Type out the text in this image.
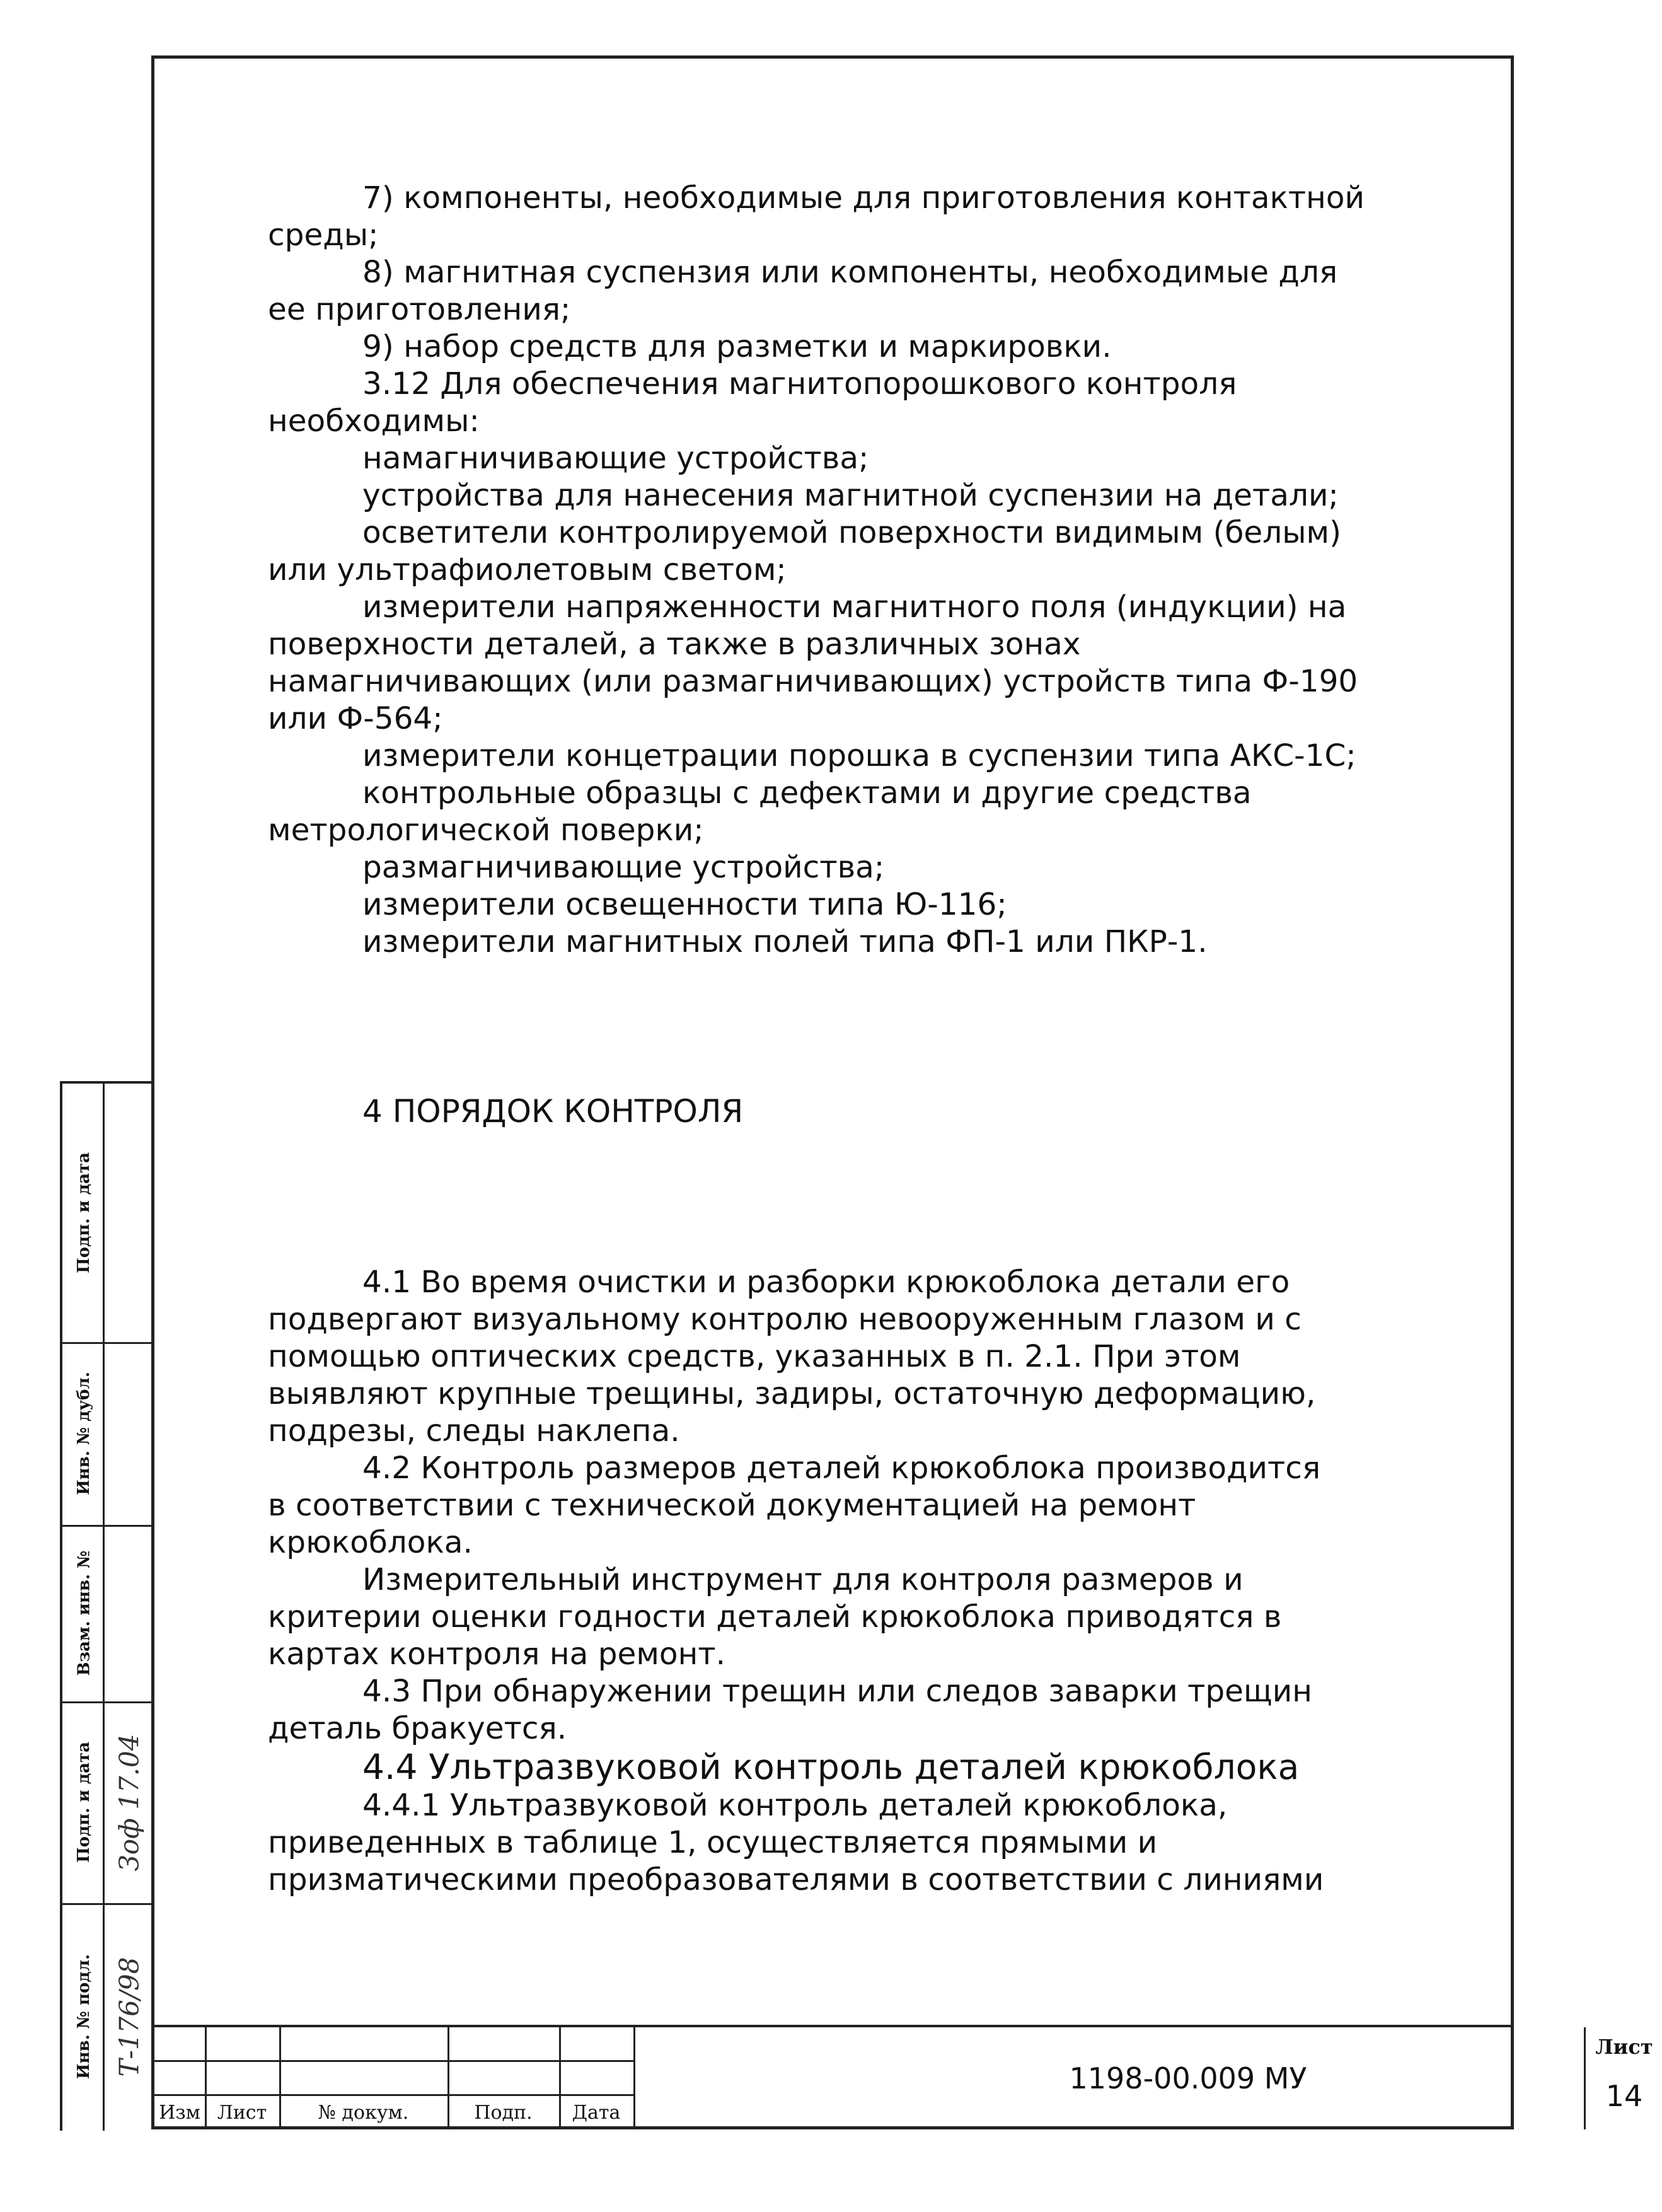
7) компоненты, необходимые для приготовления контактной

среды;

8) магнитная суспензия или компоненты, необходимые для

ее приготовления;

9) набор средств для разметки и маркировки.

3.12 Для обеспечения магнитопорошкового контроля

необходимы:

намагничивающие устройства;

устройства для нанесения магнитной суспензии на детали;

осветители контролируемой поверхности видимым (белым)

или ультрафиолетовым светом;

измерители напряженности магнитного поля (индукции) на

поверхности деталей, а также в различных зонах

намагничивающих (или размагничивающих) устройств типа Ф-190

или Ф-564;

измерители концетрации порошка в суспензии типа АКС-1С;

контрольные образцы с дефектами и другие средства

метрологической поверки;

размагничивающие устройства;

измерители освещенности типа Ю-116;

измерители магнитных полей типа ФП-1 или ПКР-1.

4 ПОРЯДОК КОНТРОЛЯ

4.1 Во время очистки и разборки крюкоблока детали его

подвергают визуальному контролю невооруженным глазом и с

помощью оптических средств, указанных в п. 2.1. При этом

выявляют крупные трещины, задиры, остаточную деформацию,

подрезы, следы наклепа.

4.2 Контроль размеров деталей крюкоблока производится

в соответствии с технической документацией на ремонт

крюкоблока.

Измерительный инструмент для контроля размеров и

критерии оценки годности деталей крюкоблока приводятся в

картах контроля на ремонт.

4.3 При обнаружении трещин или следов заварки трещин

деталь бракуется.

4.4 Ультразвуковой контроль деталей крюкоблока

4.4.1 Ультразвуковой контроль деталей крюкоблока,

приведенных в таблице 1, осуществляется прямыми и

призматическими преобразователями в соответствии с линиями

Инв. № подл.
Подп. и дата
Взам. инв. №
Инв. № дубл.
Подп. и дата
Т-176/98
Зоф 17.04
Изм Лист	№ докум.	Подп.	Дата
1198-00.009 МУ
Лист
14
